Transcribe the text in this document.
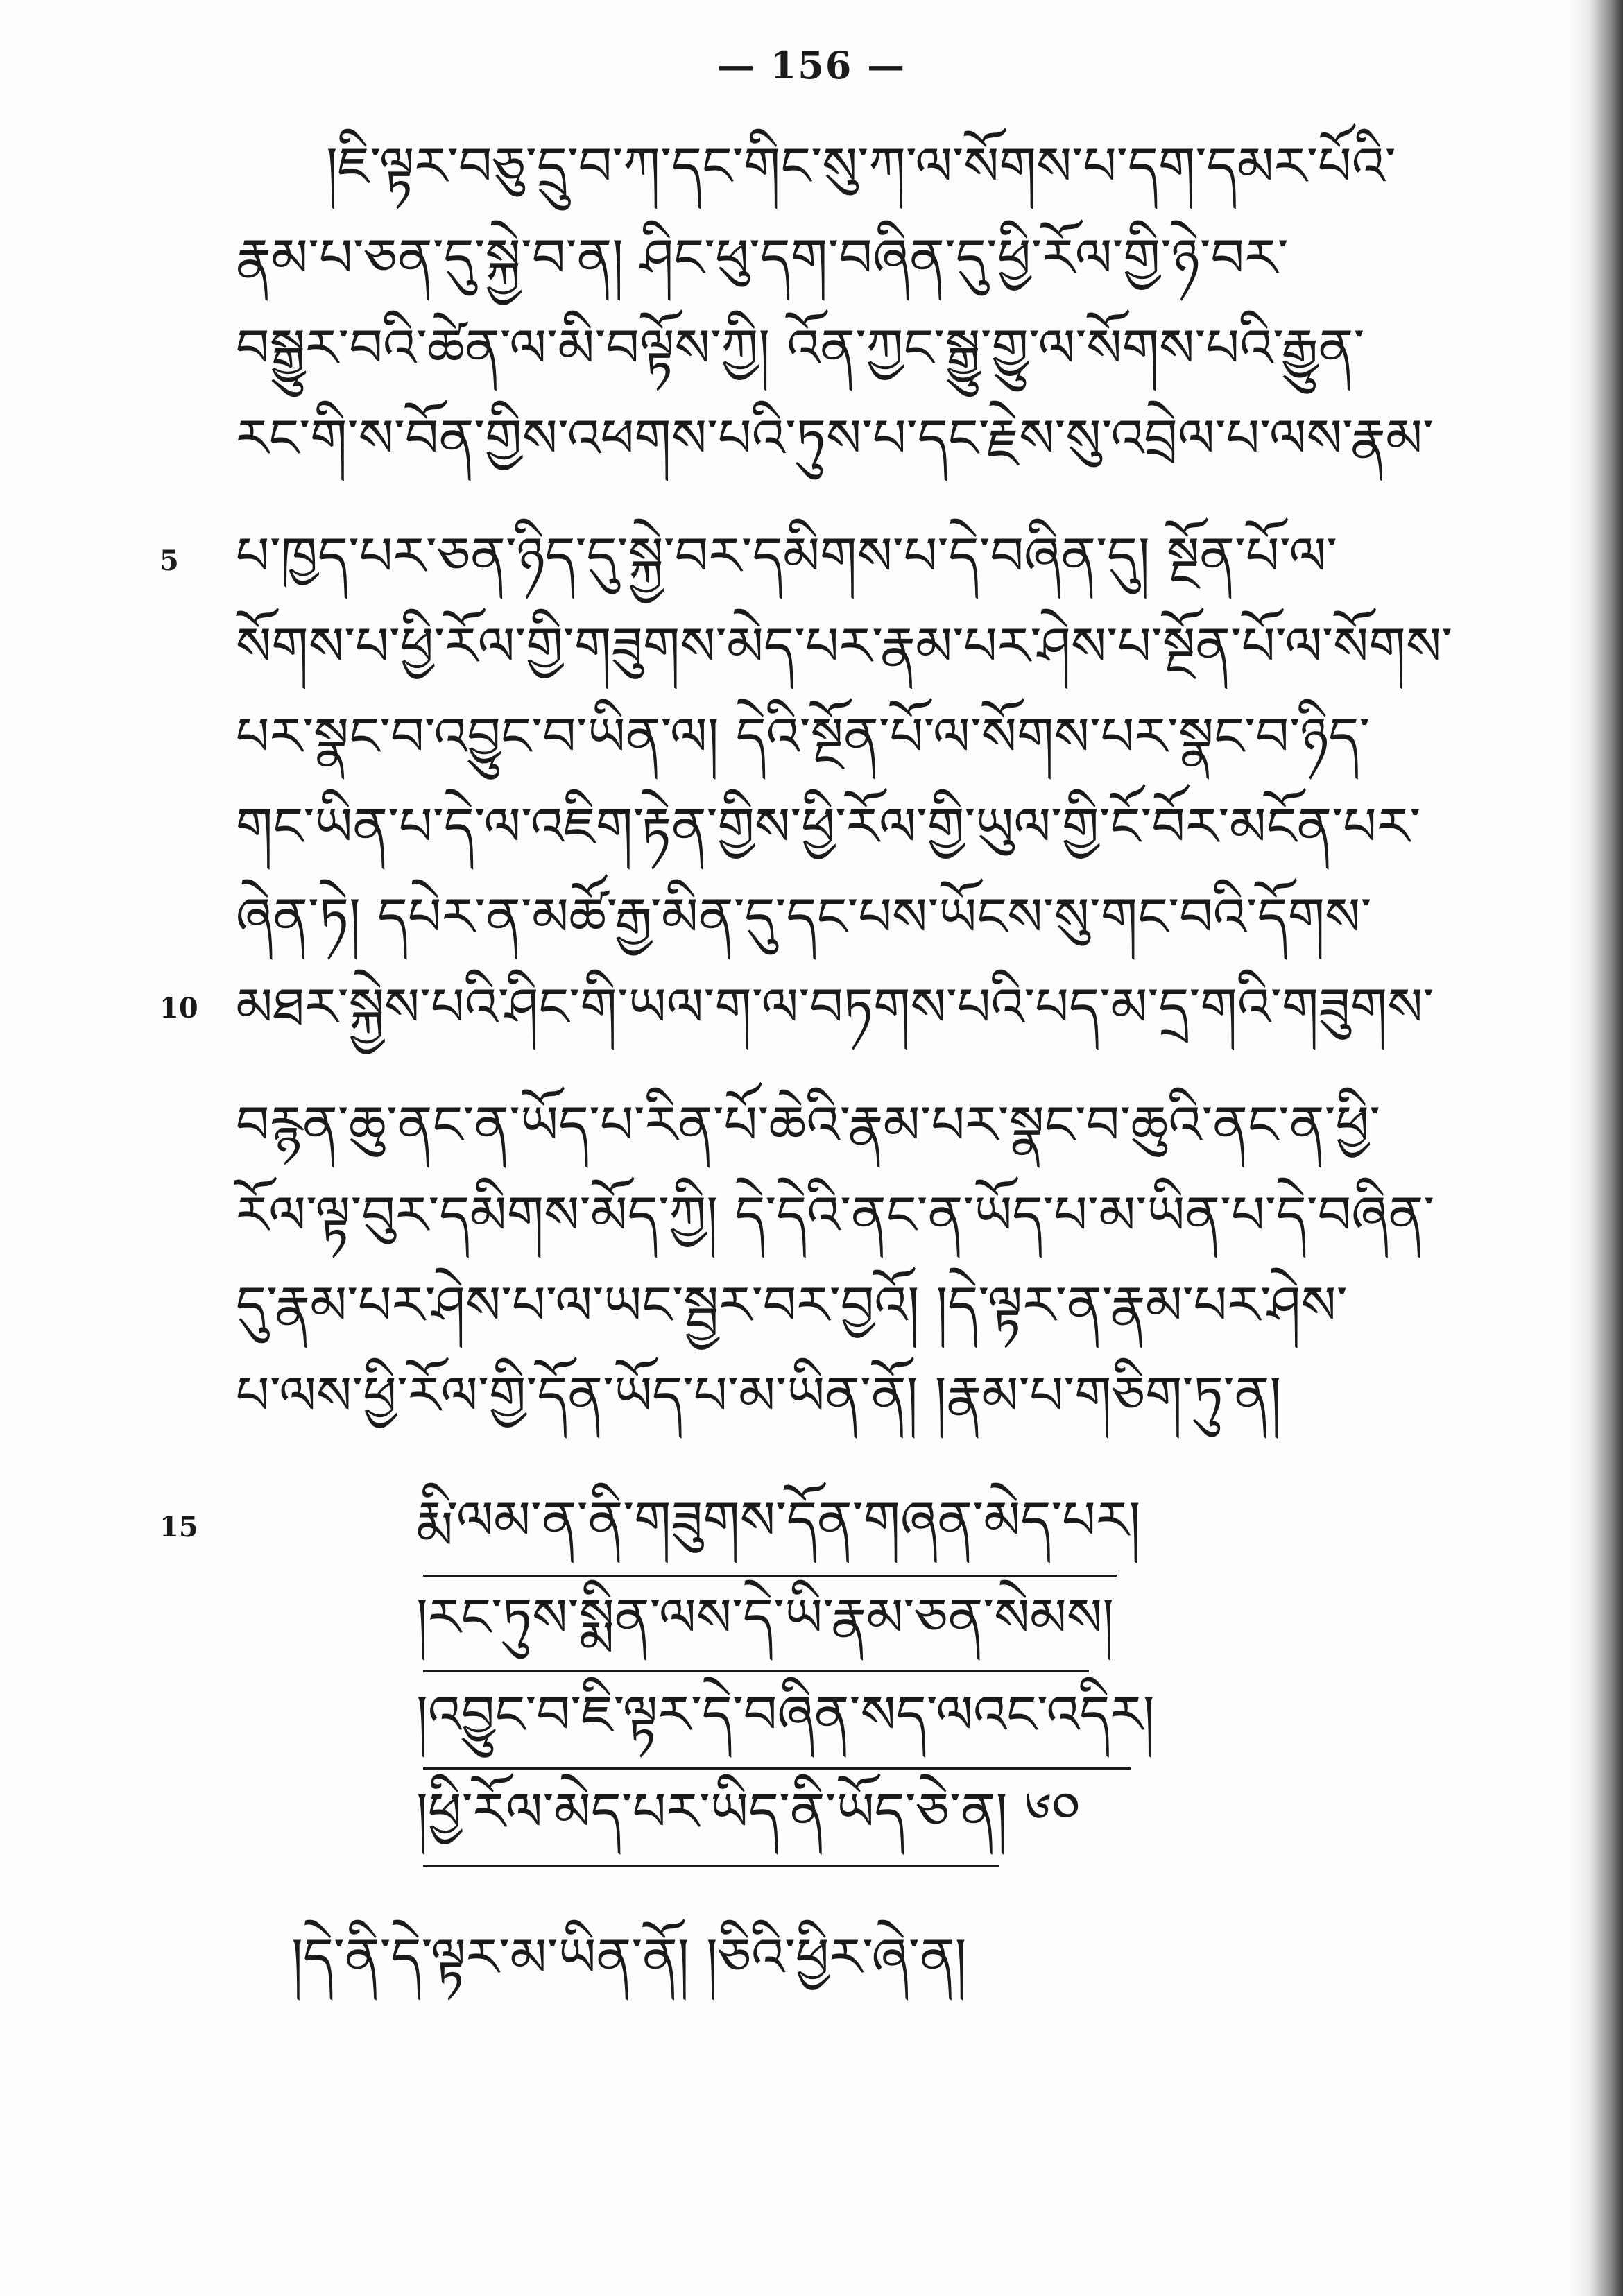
— 156 —
།ཇི་ལྟར་བཅུ་དྲུ་བ་ཀ་དང་གིང་སུ་ཀ་ལ་སོགས་པ་དག་དམར་པོའི་
རྣམ་པ་ཅན་དུ་སྐྱེ་བ་ན། ཤིང་ཕུ་དག་བཞིན་དུ་ཕྱི་རོལ་གྱི་ཉེ་བར་
བསྒྱུར་བའི་ཚེན་ལ་མི་བལྟོས་ཀྱི། འོན་ཀྱང་སྒྱུ་གྱུ་ལ་སོགས་པའི་རྒྱུན་
རང་གི་ས་བོན་གྱིས་འཕགས་པའི་ཏུས་པ་དང་རྗེས་སུ་འབྲེལ་པ་ལས་རྣམ་
5 པ་ཁྱད་པར་ཅན་ཉིད་དུ་སྐྱེ་བར་དམིགས་པ་དེ་བཞིན་དུ། སྔོན་པོ་ལ་
སོགས་པ་ཕྱི་རོལ་གྱི་གཟུགས་མེད་པར་རྣམ་པར་ཤེས་པ་སྔོན་པོ་ལ་སོགས་
པར་སྣང་བ་འབྱུང་བ་ཡིན་ལ། དེའི་སྔོན་པོ་ལ་སོགས་པར་སྣང་བ་ཉིད་
གང་ཡིན་པ་དེ་ལ་འཇིག་རྟེན་གྱིས་ཕྱི་རོལ་གྱི་ཡུལ་གྱི་ངོ་བོར་མངོན་པར་
ཞེན་ཏེ། དཔེར་ན་མཚོ་རྒྱ་མིན་དུ་དང་པས་ཡོངས་སུ་གང་བའི་དོགས་
10 མཐར་སྐྱེས་པའི་ཤིང་གི་ཡལ་ག་ལ་བཏགས་པའི་པད་མ་དྲ་གའི་གཟུགས་
བརྙན་ཆུ་ནང་ན་ཡོད་པ་རིན་པོ་ཆེའི་རྣམ་པར་སྣང་བ་ཆུའི་ནང་ན་ཕྱི་
རོལ་ལྟ་བུར་དམིགས་མོད་ཀྱི། དེ་དེའི་ནང་ན་ཡོད་པ་མ་ཡིན་པ་དེ་བཞིན་
དུ་རྣམ་པར་ཤེས་པ་ལ་ཡང་སྦྱར་བར་བྱའོ། །དེ་ལྟར་ན་རྣམ་པར་ཤེས་
པ་ལས་ཕྱི་རོལ་གྱི་དོན་ཡོད་པ་མ་ཡིན་ནོ། །རྣམ་པ་གཅིག་ཏུ་ན།
15	རྨི་ལམ་ན་ནི་གཟུགས་དོན་གཞན་མེད་པར།
།རང་ཏུས་སྨིན་ལས་དེ་ཡི་རྣམ་ཅན་སེམས།
།འབྱུང་བ་ཇི་ལྟར་དེ་བཞིན་སད་ལའང་འདིར།
།ཕྱི་རོལ་མེད་པར་ཡིད་ནི་ཡོད་ཅེ་ན། ༦༠
།དེ་ནི་དེ་ལྟར་མ་ཡིན་ནོ། །ཅིའི་ཕྱིར་ཞེ་ན།
